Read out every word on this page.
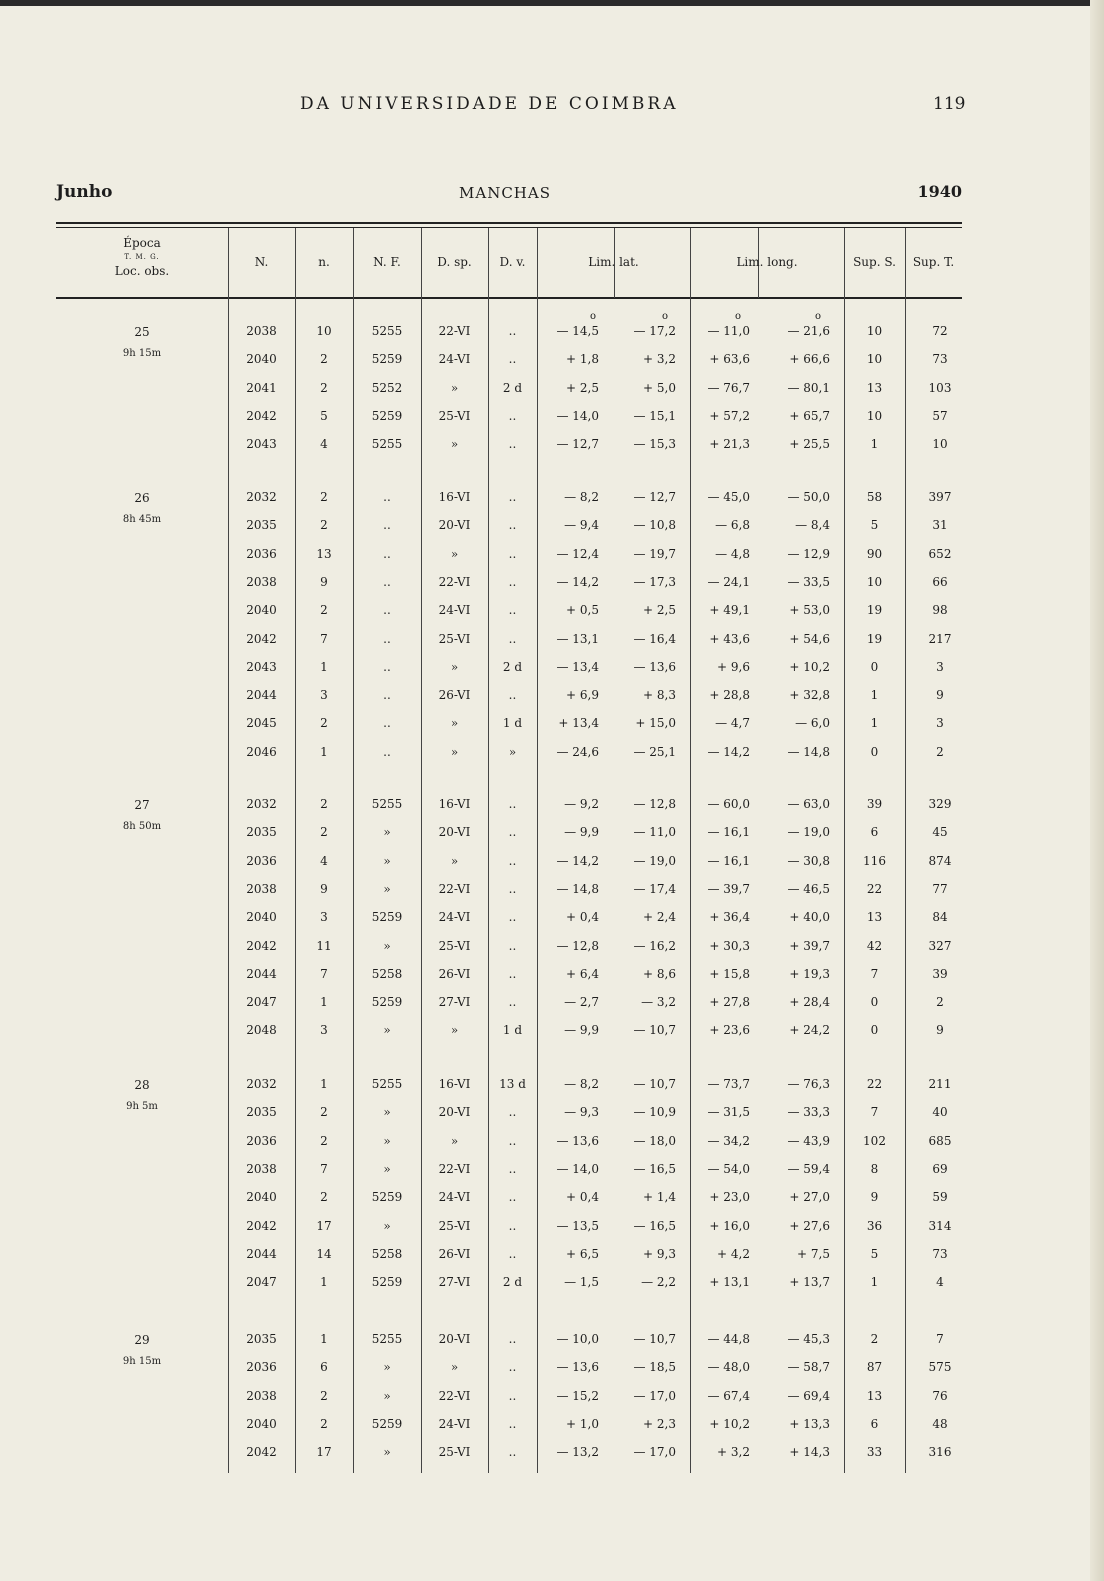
DA UNIVERSIDADE DE COIMBRA	119
Junho	MANCHAS	1940
Época
T. M. G.
Loc. obs.
N.	n.	N. F.	D. sp.	D. v.	Lim. lat.	Lim. long.	Sup. S.	Sup. T.
o	o	o	o
25
9h 15m
2038	10	5255	22-VI	..	— 14,5	— 17,2	— 11,0	— 21,6	10	72
2040	2	5259	24-VI	..	+ 1,8	+ 3,2	+ 63,6	+ 66,6	10	73
2041	2	5252	»	2 d	+ 2,5	+ 5,0	— 76,7	— 80,1	13	103
2042	5	5259	25-VI	..	— 14,0	— 15,1	+ 57,2	+ 65,7	10	57
2043	4	5255	»	..	— 12,7	— 15,3	+ 21,3	+ 25,5	1	10
26
8h 45m
2032	2	..	16-VI	..	— 8,2	— 12,7	— 45,0	— 50,0	58	397
2035	2	..	20-VI	..	— 9,4	— 10,8	— 6,8	— 8,4	5	31
2036	13	..	»	..	— 12,4	— 19,7	— 4,8	— 12,9	90	652
2038	9	..	22-VI	..	— 14,2	— 17,3	— 24,1	— 33,5	10	66
2040	2	..	24-VI	..	+ 0,5	+ 2,5	+ 49,1	+ 53,0	19	98
2042	7	..	25-VI	..	— 13,1	— 16,4	+ 43,6	+ 54,6	19	217
2043	1	..	»	2 d	— 13,4	— 13,6	+ 9,6	+ 10,2	0	3
2044	3	..	26-VI	..	+ 6,9	+ 8,3	+ 28,8	+ 32,8	1	9
2045	2	..	»	1 d	+ 13,4	+ 15,0	— 4,7	— 6,0	1	3
2046	1	..	»	»	— 24,6	— 25,1	— 14,2	— 14,8	0	2
27
8h 50m
2032	2	5255	16-VI	..	— 9,2	— 12,8	— 60,0	— 63,0	39	329
2035	2	»	20-VI	..	— 9,9	— 11,0	— 16,1	— 19,0	6	45
2036	4	»	»	..	— 14,2	— 19,0	— 16,1	— 30,8	116	874
2038	9	»	22-VI	..	— 14,8	— 17,4	— 39,7	— 46,5	22	77
2040	3	5259	24-VI	..	+ 0,4	+ 2,4	+ 36,4	+ 40,0	13	84
2042	11	»	25-VI	..	— 12,8	— 16,2	+ 30,3	+ 39,7	42	327
2044	7	5258	26-VI	..	+ 6,4	+ 8,6	+ 15,8	+ 19,3	7	39
2047	1	5259	27-VI	..	— 2,7	— 3,2	+ 27,8	+ 28,4	0	2
2048	3	»	»	1 d	— 9,9	— 10,7	+ 23,6	+ 24,2	0	9
28
9h 5m
2032	1	5255	16-VI	13 d	— 8,2	— 10,7	— 73,7	— 76,3	22	211
2035	2	»	20-VI	..	— 9,3	— 10,9	— 31,5	— 33,3	7	40
2036	2	»	»	..	— 13,6	— 18,0	— 34,2	— 43,9	102	685
2038	7	»	22-VI	..	— 14,0	— 16,5	— 54,0	— 59,4	8	69
2040	2	5259	24-VI	..	+ 0,4	+ 1,4	+ 23,0	+ 27,0	9	59
2042	17	»	25-VI	..	— 13,5	— 16,5	+ 16,0	+ 27,6	36	314
2044	14	5258	26-VI	..	+ 6,5	+ 9,3	+ 4,2	+ 7,5	5	73
2047	1	5259	27-VI	2 d	— 1,5	— 2,2	+ 13,1	+ 13,7	1	4
29
9h 15m
2035	1	5255	20-VI	..	— 10,0	— 10,7	— 44,8	— 45,3	2	7
2036	6	»	»	..	— 13,6	— 18,5	— 48,0	— 58,7	87	575
2038	2	»	22-VI	..	— 15,2	— 17,0	— 67,4	— 69,4	13	76
2040	2	5259	24-VI	..	+ 1,0	+ 2,3	+ 10,2	+ 13,3	6	48
2042	17	»	25-VI	..	— 13,2	— 17,0	+ 3,2	+ 14,3	33	316
